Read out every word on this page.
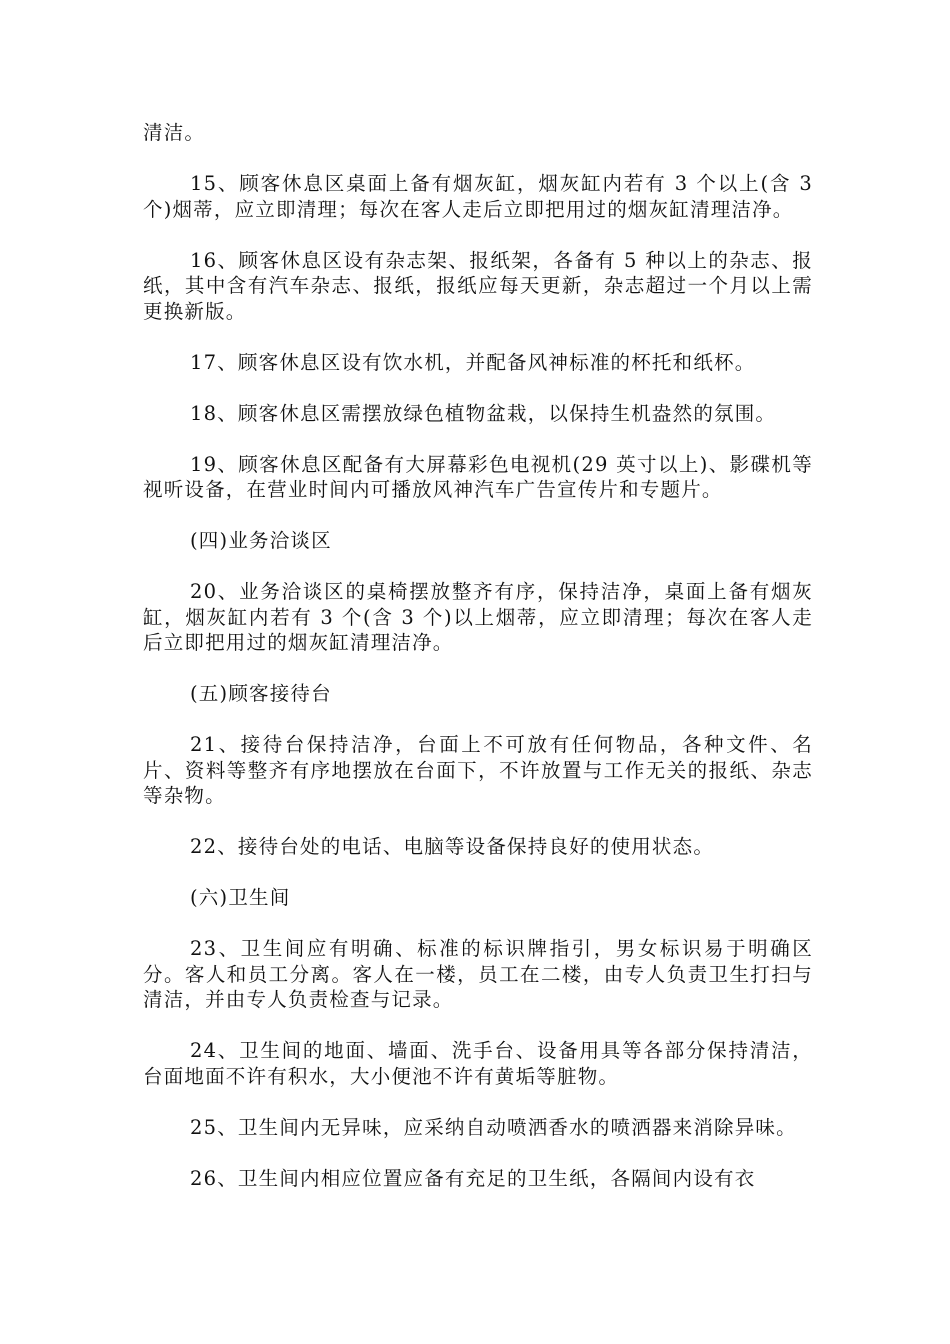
清洁。

15、顾客休息区桌面上备有烟灰缸，烟灰缸内若有 3 个以上(含 3 个)烟蒂，应立即清理；每次在客人走后立即把用过的烟灰缸清理洁净。

16、顾客休息区设有杂志架、报纸架，各备有 5 种以上的杂志、报纸，其中含有汽车杂志、报纸，报纸应每天更新，杂志超过一个月以上需更换新版。

17、顾客休息区设有饮水机，并配备风神标准的杯托和纸杯。

18、顾客休息区需摆放绿色植物盆栽，以保持生机盎然的氛围。

19、顾客休息区配备有大屏幕彩色电视机(29 英寸以上)、影碟机等视听设备，在营业时间内可播放风神汽车广告宣传片和专题片。

(四)业务洽谈区

20、业务洽谈区的桌椅摆放整齐有序，保持洁净，桌面上备有烟灰缸，烟灰缸内若有 3 个(含 3 个)以上烟蒂，应立即清理；每次在客人走后立即把用过的烟灰缸清理洁净。

(五)顾客接待台

21、接待台保持洁净，台面上不可放有任何物品，各种文件、名片、资料等整齐有序地摆放在台面下，不许放置与工作无关的报纸、杂志等杂物。

22、接待台处的电话、电脑等设备保持良好的使用状态。

(六)卫生间

23、卫生间应有明确、标准的标识牌指引，男女标识易于明确区分。客人和员工分离。客人在一楼，员工在二楼，由专人负责卫生打扫与清洁，并由专人负责检查与记录。

24、卫生间的地面、墙面、洗手台、设备用具等各部分保持清洁，台面地面不许有积水，大小便池不许有黄垢等脏物。

25、卫生间内无异味，应采纳自动喷洒香水的喷洒器来消除异味。

26、卫生间内相应位置应备有充足的卫生纸，各隔间内设有衣
